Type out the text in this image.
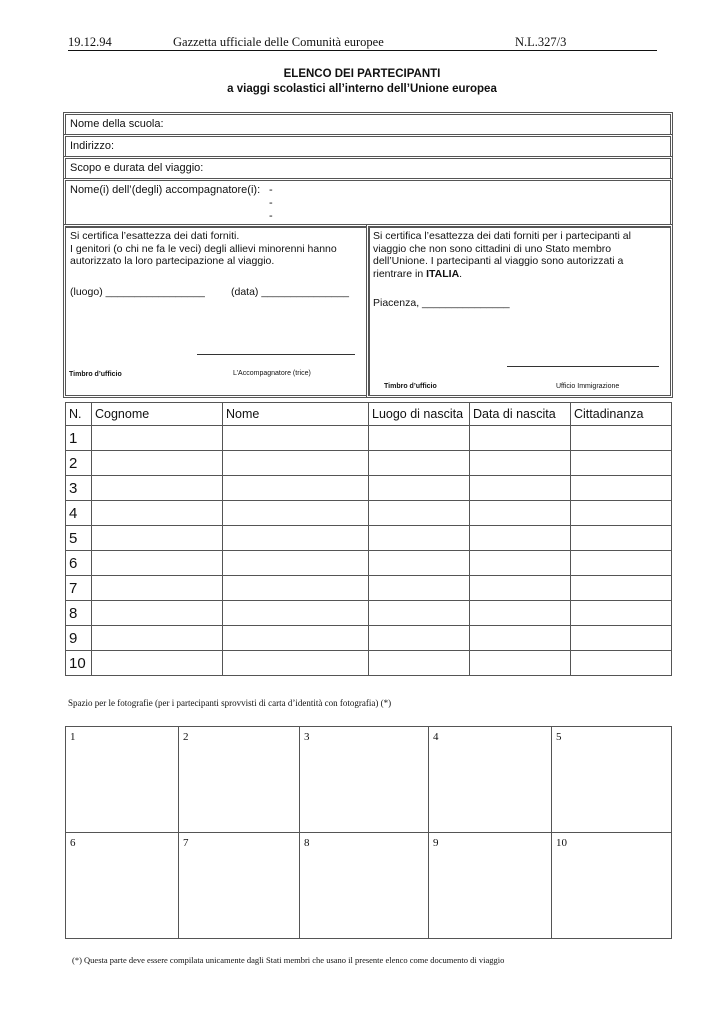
19.12.94	Gazzetta ufficiale delle Comunità europee	N.L.327/3
ELENCO DEI PARTECIPANTI
a viaggi scolastici all’interno dell’Unione europea
Nome della scuola:
Indirizzo:
Scopo e durata del viaggio:
Nome(i) dell’(degli) accompagnatore(i): -
-
-
Si certifica l’esattezza dei dati forniti.
I genitori (o chi ne fa le veci) degli allievi minorenni hanno
autorizzato la loro partecipazione al viaggio.
(luogo) _________________ (data) _______________
Timbro d’ufficio	L’Accompagnatore (trice)
Si certifica l’esattezza dei dati forniti per i partecipanti al
viaggio che non sono cittadini di uno Stato membro
dell’Unione. I partecipanti al viaggio sono autorizzati a
rientrare in ITALIA.
Piacenza, _______________
Timbro d’ufficio	Ufficio Immigrazione
N.	Cognome	Nome	Luogo di nascita	Data di nascita	Cittadinanza
1					
2					
3					
4					
5					
6					
7					
8					
9					
10					
Spazio per le fotografie (per i partecipanti sprovvisti di carta d’identità con fotografia) (*)
1	2	3	4	5
6	7	8	9	10
(*) Questa parte deve essere compilata unicamente dagli Stati membri che usano il presente elenco come documento di viaggio
